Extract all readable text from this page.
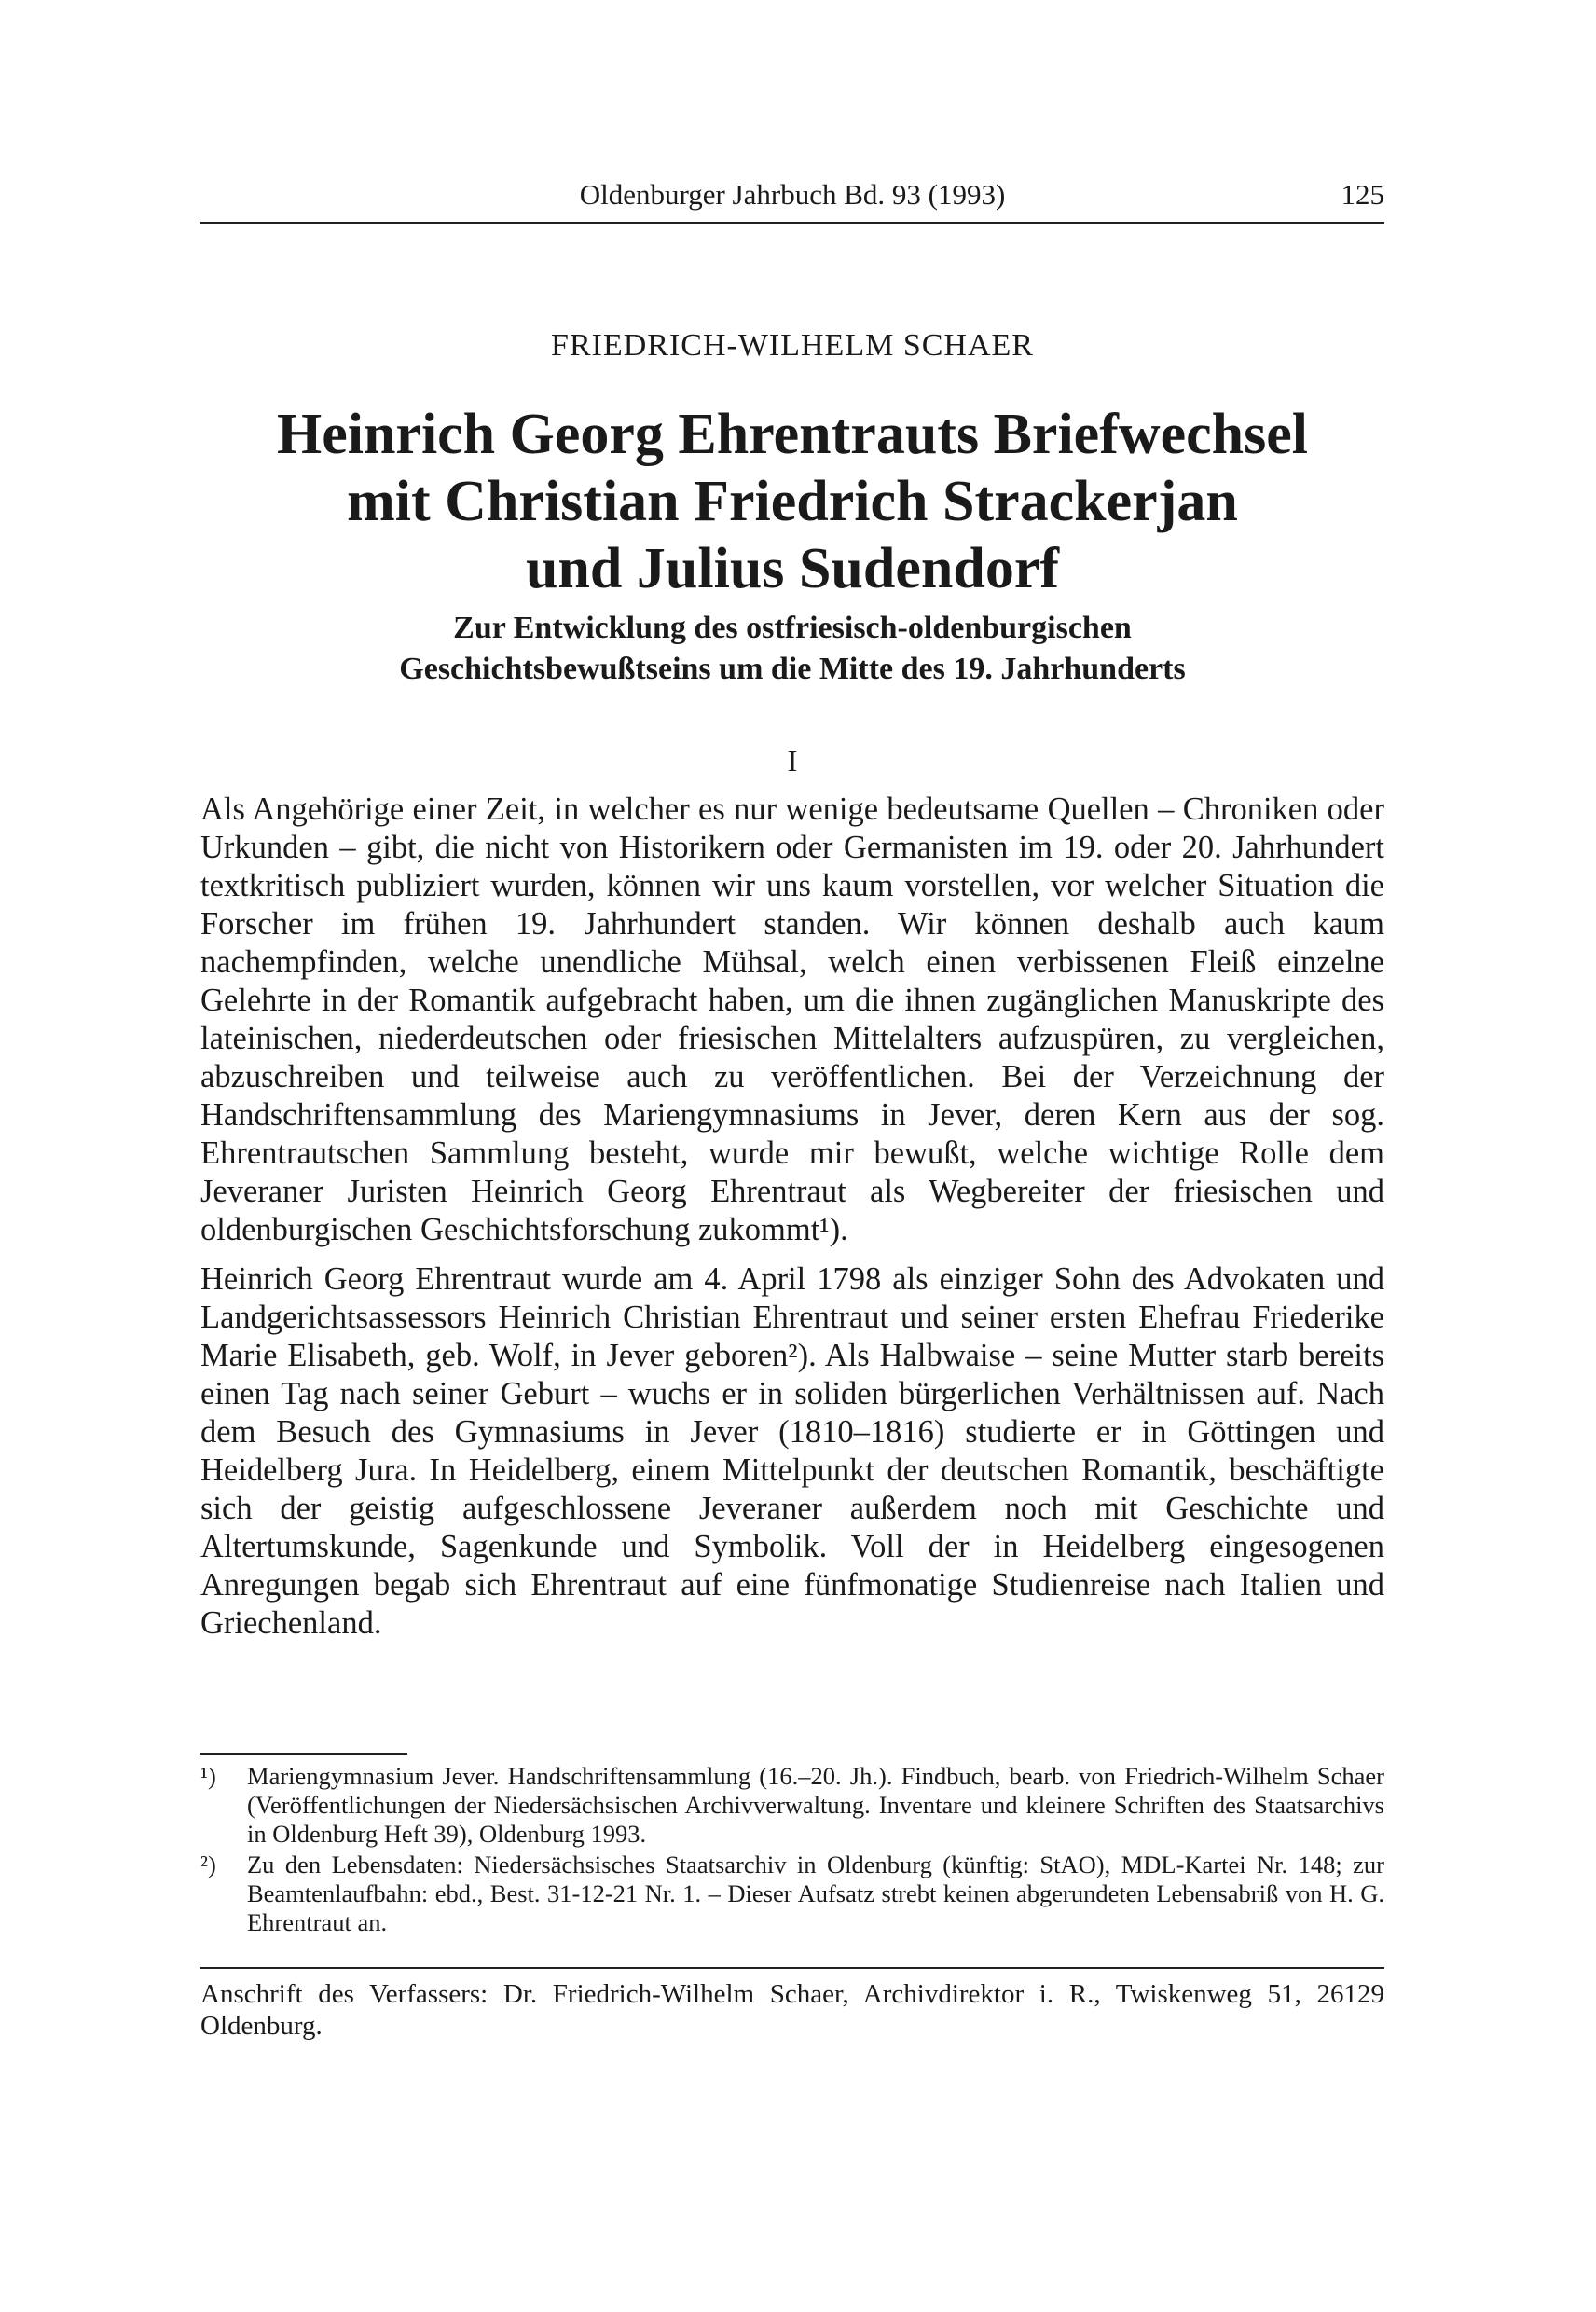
Oldenburger Jahrbuch Bd. 93 (1993)	125
FRIEDRICH-WILHELM SCHAER
Heinrich Georg Ehrentrauts Briefwechsel
mit Christian Friedrich Strackerjan
und Julius Sudendorf
Zur Entwicklung des ostfriesisch-oldenburgischen
Geschichtsbewußtseins um die Mitte des 19. Jahrhunderts
I

Als Angehörige einer Zeit, in welcher es nur wenige bedeutsame Quellen – Chroniken oder Urkunden – gibt, die nicht von Historikern oder Germanisten im 19. oder 20. Jahrhundert textkritisch publiziert wurden, können wir uns kaum vorstellen, vor welcher Situation die Forscher im frühen 19. Jahrhundert standen. Wir können deshalb auch kaum nachempfinden, welche unendliche Mühsal, welch einen verbissenen Fleiß einzelne Gelehrte in der Romantik aufgebracht haben, um die ihnen zugänglichen Manuskripte des lateinischen, niederdeutschen oder friesischen Mittelalters aufzuspüren, zu vergleichen, abzuschreiben und teilweise auch zu veröffentlichen. Bei der Verzeichnung der Handschriftensammlung des Mariengymnasiums in Jever, deren Kern aus der sog. Ehrentrautschen Sammlung besteht, wurde mir bewußt, welche wichtige Rolle dem Jeveraner Juristen Heinrich Georg Ehrentraut als Wegbereiter der friesischen und oldenburgischen Geschichtsforschung zukommt¹).

Heinrich Georg Ehrentraut wurde am 4. April 1798 als einziger Sohn des Advokaten und Landgerichtsassessors Heinrich Christian Ehrentraut und seiner ersten Ehefrau Friederike Marie Elisabeth, geb. Wolf, in Jever geboren²). Als Halbwaise – seine Mutter starb bereits einen Tag nach seiner Geburt – wuchs er in soliden bürgerlichen Verhältnissen auf. Nach dem Besuch des Gymnasiums in Jever (1810–1816) studierte er in Göttingen und Heidelberg Jura. In Heidelberg, einem Mittelpunkt der deutschen Romantik, beschäftigte sich der geistig aufgeschlossene Jeveraner außerdem noch mit Geschichte und Altertumskunde, Sagenkunde und Symbolik. Voll der in Heidelberg eingesogenen Anregungen begab sich Ehrentraut auf eine fünfmonatige Studienreise nach Italien und Griechenland.

¹)	Mariengymnasium Jever. Handschriftensammlung (16.–20. Jh.). Findbuch, bearb. von Friedrich-Wilhelm Schaer (Veröffentlichungen der Niedersächsischen Archivverwaltung. Inventare und kleinere Schriften des Staatsarchivs in Oldenburg Heft 39), Oldenburg 1993.
²)	Zu den Lebensdaten: Niedersächsisches Staatsarchiv in Oldenburg (künftig: StAO), MDL-Kartei Nr. 148; zur Beamtenlaufbahn: ebd., Best. 31-12-21 Nr. 1. – Dieser Aufsatz strebt keinen abgerundeten Lebensabriß von H. G. Ehrentraut an.
Anschrift des Verfassers: Dr. Friedrich-Wilhelm Schaer, Archivdirektor i. R., Twiskenweg 51, 26129 Oldenburg.
